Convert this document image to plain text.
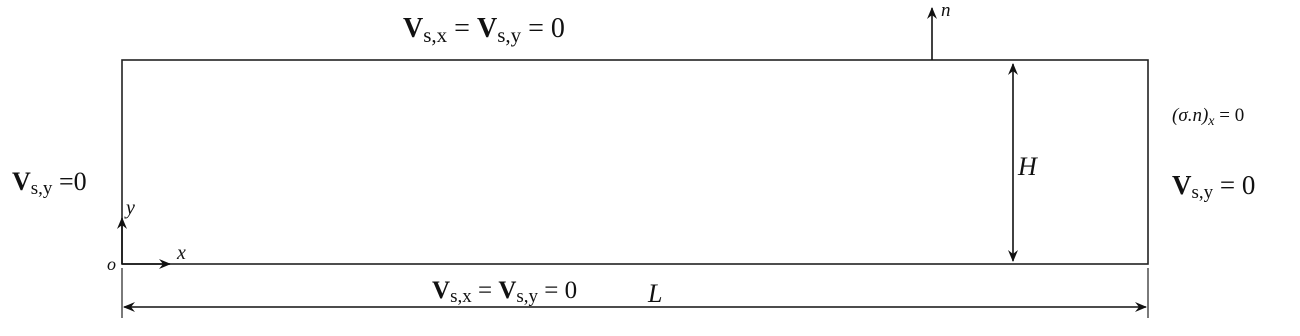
n
H
L
y
x
o
Vs,x = Vs,y = 0
Vs,y =0
$(\sigma.n)_x = 0$
Vs,y = 0
Vs,x = Vs,y = 0
